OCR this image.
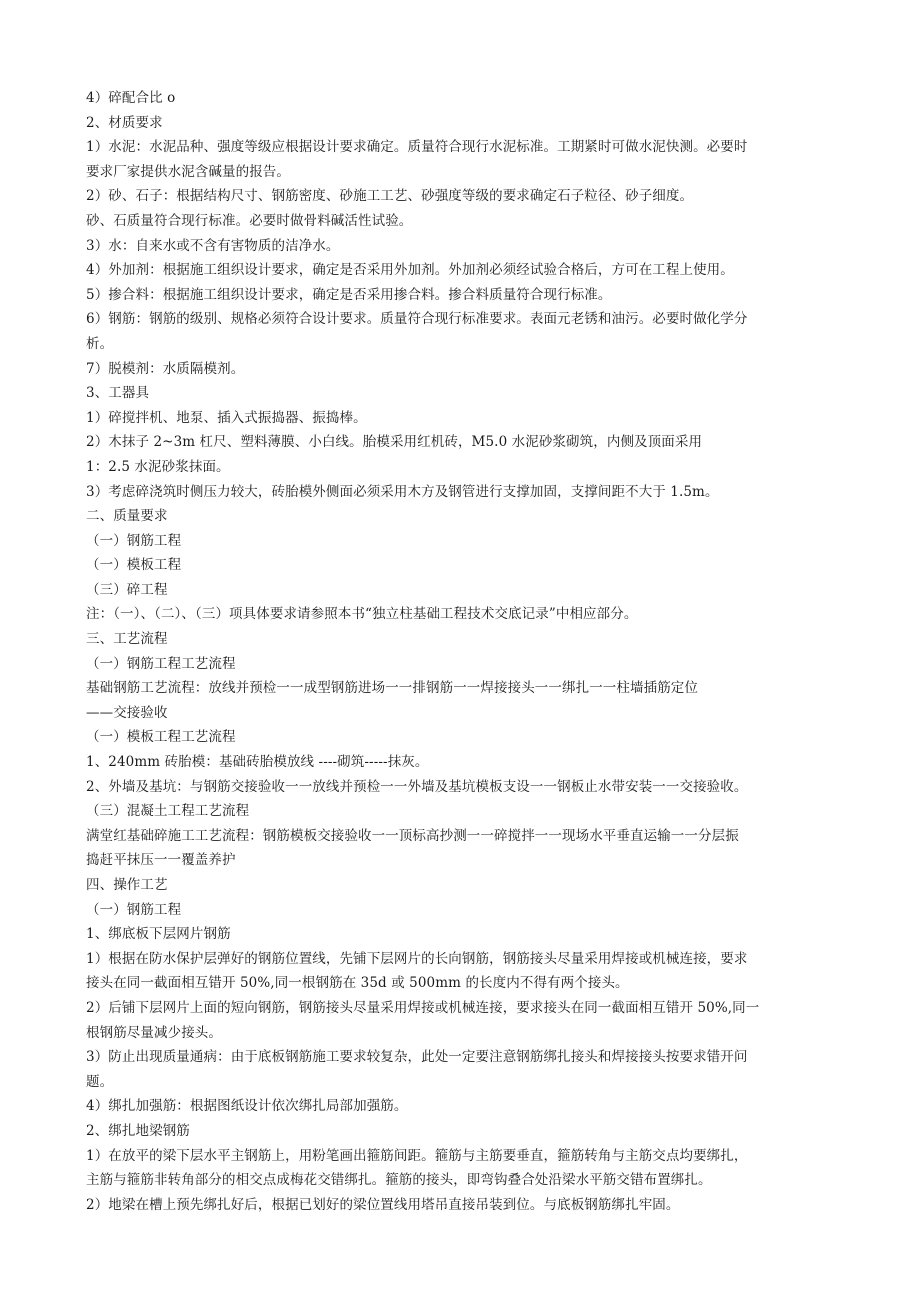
4）碎配合比 o
2、材质要求
1）水泥：水泥品种、强度等级应根据设计要求确定。质量符合现行水泥标准。工期紧时可做水泥快测。必要时
要求厂家提供水泥含碱量的报告。
2）砂、石子：根据结构尺寸、钢筋密度、砂施工工艺、砂强度等级的要求确定石子粒径、砂子细度。
砂、石质量符合现行标准。必要时做骨料碱活性试验。
3）水：自来水或不含有害物质的洁净水。
4）外加剂：根据施工组织设计要求，确定是否采用外加剂。外加剂必须经试验合格后，方可在工程上使用。
5）掺合料：根据施工组织设计要求，确定是否采用掺合料。掺合料质量符合现行标准。
6）钢筋：钢筋的级别、规格必须符合设计要求。质量符合现行标准要求。表面元老锈和油污。必要时做化学分
析。
7）脱模剂：水质隔模剂。
3、工器具
1）碎搅拌机、地泵、插入式振捣器、振捣棒。
2）木抹子 2~3m 杠尺、塑料薄膜、小白线。胎模采用红机砖，M5.0 水泥砂浆砌筑，内侧及顶面采用
1：2.5 水泥砂浆抹面。
3）考虑碎浇筑时侧压力较大，砖胎模外侧面必须采用木方及钢管进行支撑加固，支撑间距不大于 1.5m。
二、质量要求
（一）钢筋工程
（一）模板工程
（三）碎工程
注：（一）、（二）、（三）项具体要求请参照本书“独立柱基础工程技术交底记录”中相应部分。
三、工艺流程
（一）钢筋工程工艺流程
基础钢筋工艺流程：放线并预检一一成型钢筋进场一一排钢筋一一焊接接头一一绑扎一一柱墙插筋定位
——交接验收
（一）模板工程工艺流程
1、240mm 砖胎模：基础砖胎模放线 ----砌筑-----抹灰。
2、外墙及基坑：与钢筋交接验收一一放线并预检一一外墙及基坑模板支设一一钢板止水带安装一一交接验收。
（三）混凝土工程工艺流程
满堂红基础碎施工工艺流程：钢筋模板交接验收一一顶标高抄测一一碎搅拌一一现场水平垂直运输一一分层振
捣赶平抹压一一覆盖养护
四、操作工艺
（一）钢筋工程
1、绑底板下层网片钢筋
1）根据在防水保护层弹好的钢筋位置线，先铺下层网片的长向钢筋，钢筋接头尽量采用焊接或机械连接，要求
接头在同一截面相互错开 50%,同一根钢筋在 35d 或 500mm 的长度内不得有两个接头。
2）后铺下层网片上面的短向钢筋，钢筋接头尽量采用焊接或机械连接，要求接头在同一截面相互错开 50%,同一
根钢筋尽量减少接头。
3）防止出现质量通病：由于底板钢筋施工要求较复杂，此处一定要注意钢筋绑扎接头和焊接接头按要求错开问
题。
4）绑扎加强筋：根据图纸设计依次绑扎局部加强筋。
2、绑扎地梁钢筋
1）在放平的梁下层水平主钢筋上，用粉笔画出箍筋间距。箍筋与主筋要垂直，箍筋转角与主筋交点均要绑扎，
主筋与箍筋非转角部分的相交点成梅花交错绑扎。箍筋的接头，即弯钩叠合处沿梁水平筋交错布置绑扎。
2）地梁在槽上预先绑扎好后，根据已划好的梁位置线用塔吊直接吊装到位。与底板钢筋绑扎牢固。
